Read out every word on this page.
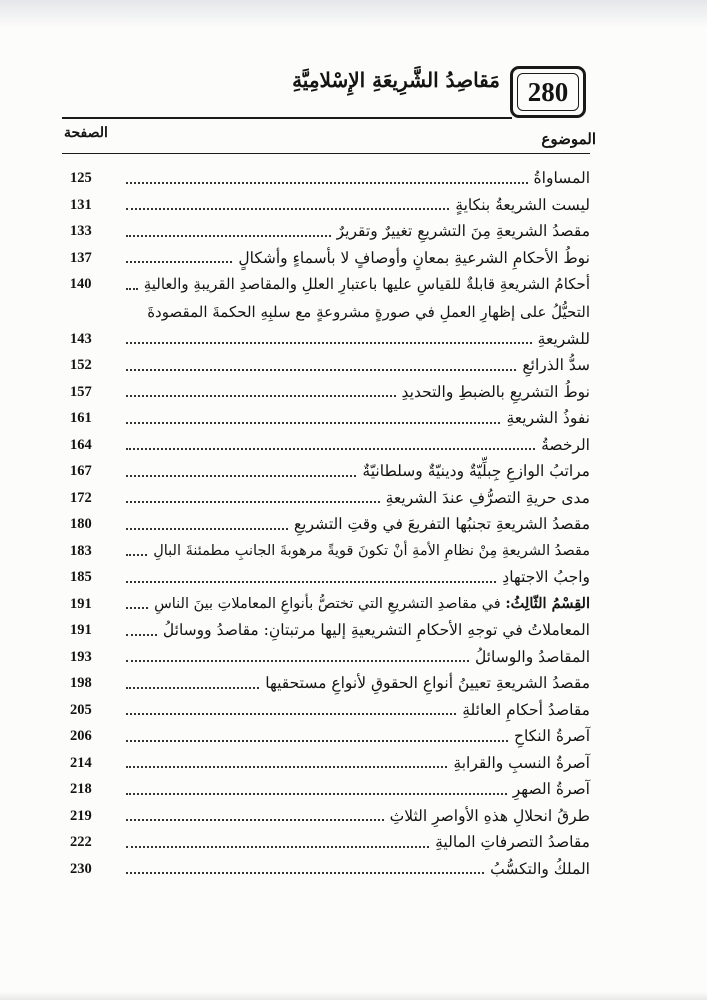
280
مَقاصِدُ الشَّرِيعَةِ الإِسْلامِيَّةِ
الموضوع
الصفحة
المساواةُ
125
ليست الشريعةُ بنكايةٍ
131
مقصدُ الشريعةِ مِنَ التشريعِ تغييرٌ وتقريرٌ
133
نوطُ الأحكامِ الشرعيةِ بمعانٍ وأوصافٍ لا بأسماءٍ وأشكالٍ
137
أحكامُ الشريعةِ قابلةٌ للقياسِ عليها باعتبارِ العللِ والمقاصدِ القريبةِ والعاليةِ
140
التحيُّلُ على إظهارِ العملِ في صورةٍ مشروعةٍ مع سلبِهِ الحكمةَ المقصودةَ
للشريعةِ
143
سدُّ الذرائعِ
152
نوطُ التشريعِ بالضبطِ والتحديدِ
157
نفوذُ الشريعةِ
161
الرخصةُ
164
مراتبُ الوازعِ جِبلِّيّةٌ ودينيّةٌ وسلطانيّةٌ
167
مدى حريةِ التصرُّفِ عندَ الشريعةِ
172
مقصدُ الشريعةِ تجنبُها التفريعَ في وقتِ التشريعِ
180
مقصدُ الشريعةِ مِنْ نظامِ الأمةِ أنْ تكونَ قويةً مرهوبةَ الجانبِ مطمئنةَ البالِ
183
واجبُ الاجتهادِ
185
القِسْمُ الثّالِثُ: في مقاصدِ التشريعِ التي تختصُّ بأنواعِ المعاملاتِ بينَ الناسِ
191
المعاملاتُ في توجهِ الأحكامِ التشريعيةِ إليها مرتبتانِ: مقاصدُ ووسائلُ
191
المقاصدُ والوسائلُ
193
مقصدُ الشريعةِ تعيينُ أنواعِ الحقوقِ لأنواعِ مستحقيها
198
مقاصدُ أحكامِ العائلةِ
205
آصرةُ النكاحِ
206
آصرةُ النسبِ والقرابةِ
214
آصرةُ الصهرِ
218
طرقُ انحلالِ هذهِ الأواصرِ الثلاثِ
219
مقاصدُ التصرفاتِ الماليةِ
222
الملكُ والتكسُّبُ
230
